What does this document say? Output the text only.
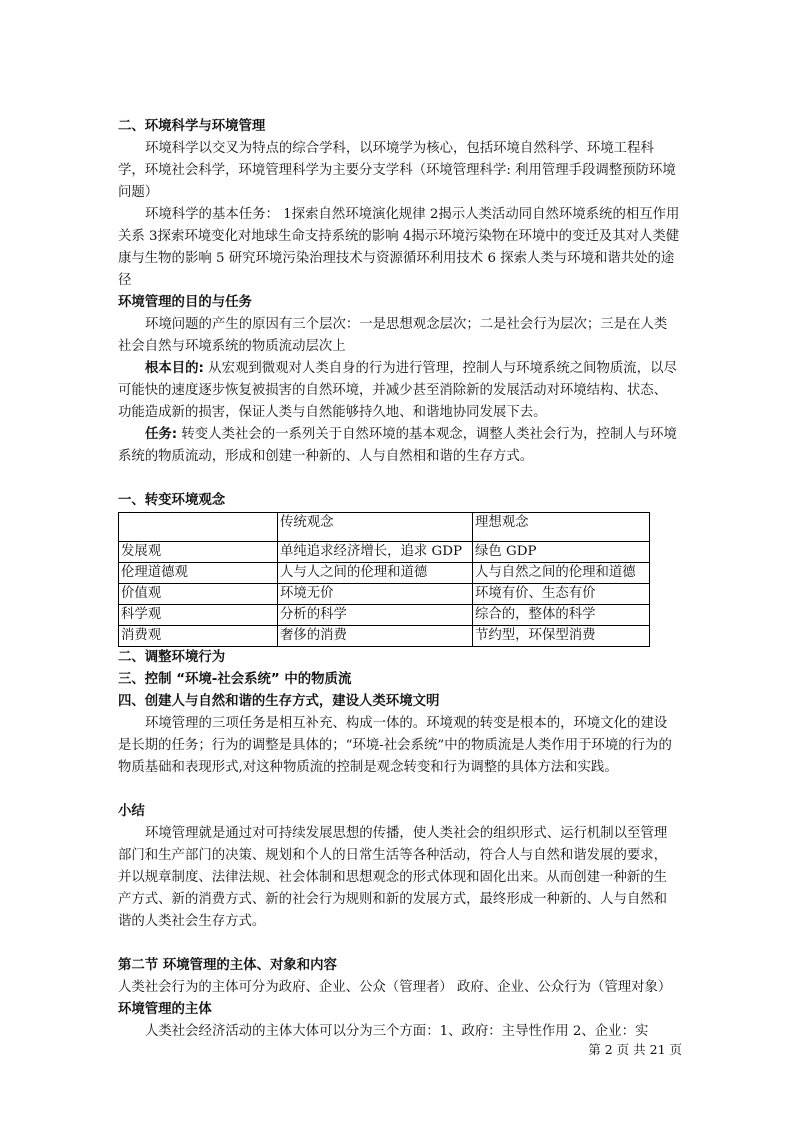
二、环境科学与环境管理

环境科学以交叉为特点的综合学科，以环境学为核心，包括环境自然科学、环境工程科学，环境社会科学，环境管理科学为主要分支学科（环境管理科学: 利用管理手段调整预防环境问题）

环境科学的基本任务： 1探索自然环境演化规律 2揭示人类活动同自然环境系统的相互作用关系 3探索环境变化对地球生命支持系统的影响 4揭示环境污染物在环境中的变迁及其对人类健康与生物的影响 5 研究环境污染治理技术与资源循环利用技术 6 探索人类与环境和谐共处的途径

环境管理的目的与任务

环境问题的产生的原因有三个层次：一是思想观念层次；二是社会行为层次；三是在人类社会自然与环境系统的物质流动层次上

根本目的: 从宏观到微观对人类自身的行为进行管理，控制人与环境系统之间物质流，以尽可能快的速度逐步恢复被损害的自然环境，并减少甚至消除新的发展活动对环境结构、状态、功能造成新的损害，保证人类与自然能够持久地、和谐地协同发展下去。

任务: 转变人类社会的一系列关于自然环境的基本观念，调整人类社会行为，控制人与环境系统的物质流动，形成和创建一种新的、人与自然相和谐的生存方式。

一、转变环境观念

	传统观念	理想观念
发展观	单纯追求经济增长，追求 GDP	绿色 GDP
伦理道德观	人与人之间的伦理和道德	人与自然之间的伦理和道德
价值观	环境无价	环境有价、生态有价
科学观	分析的科学	综合的，整体的科学
消费观	奢侈的消费	节约型，环保型消费

二、调整环境行为

三、控制 “环境-社会系统” 中的物质流

四、创建人与自然和谐的生存方式，建设人类环境文明

环境管理的三项任务是相互补充、构成一体的。环境观的转变是根本的，环境文化的建设是长期的任务；行为的调整是具体的；“环境-社会系统”中的物质流是人类作用于环境的行为的物质基础和表现形式,对这种物质流的控制是观念转变和行为调整的具体方法和实践。

小结

环境管理就是通过对可持续发展思想的传播，使人类社会的组织形式、运行机制以至管理部门和生产部门的决策、规划和个人的日常生活等各种活动，符合人与自然和谐发展的要求，并以规章制度、法律法规、社会体制和思想观念的形式体现和固化出来。从而创建一种新的生产方式、新的消费方式、新的社会行为规则和新的发展方式，最终形成一种新的、人与自然和谐的人类社会生存方式。

第二节 环境管理的主体、对象和内容

人类社会行为的主体可分为政府、企业、公众（管理者） 政府、企业、公众行为（管理对象）

环境管理的主体

人类社会经济活动的主体大体可以分为三个方面：1、政府：主导性作用 2、企业：实

第 2 页 共 21 页
